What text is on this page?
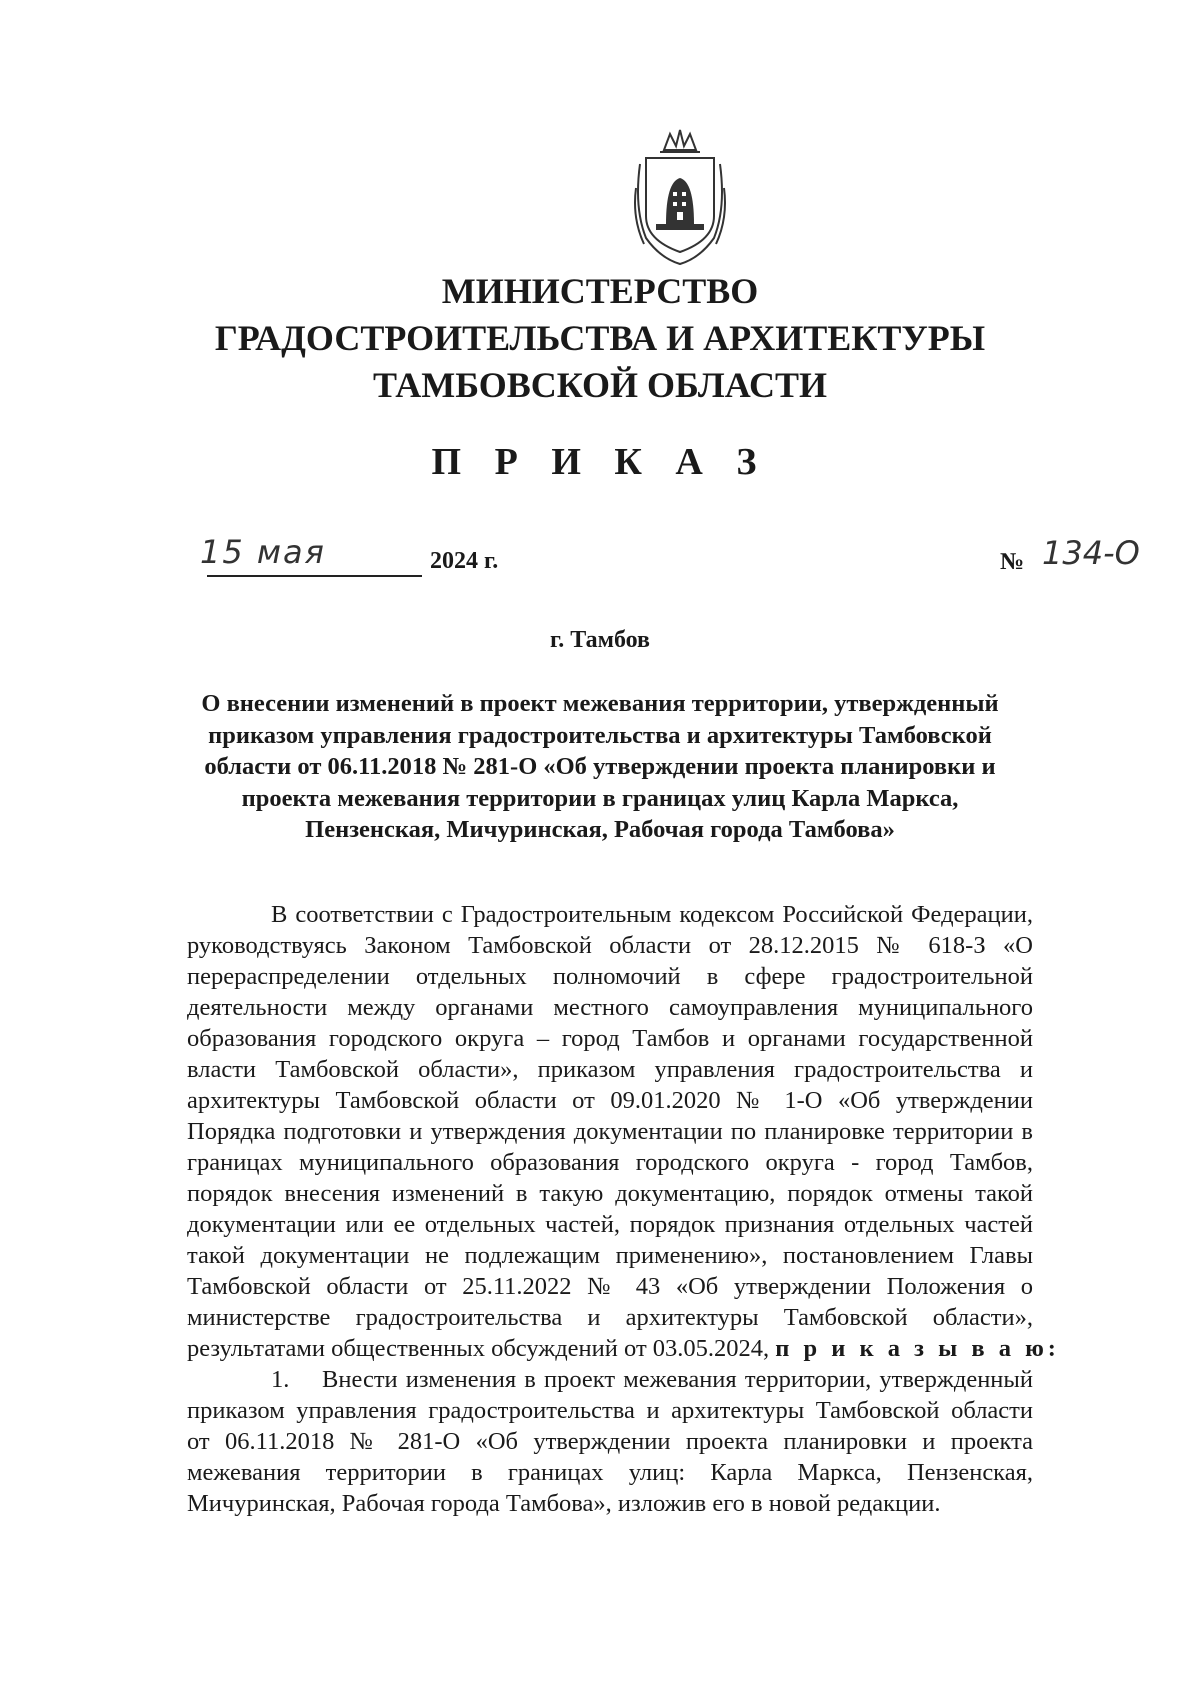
МИНИСТЕРСТВО
ГРАДОСТРОИТЕЛЬСТВА И АРХИТЕКТУРЫ
ТАМБОВСКОЙ ОБЛАСТИ
П Р И К А З
15 мая	2024 г.	№ 134-О
г. Тамбов
О внесении изменений в проект межевания территории, утвержденный
приказом управления градостроительства и архитектуры Тамбовской
области от 06.11.2018 № 281-О «Об утверждении проекта планировки и
проекта межевания территории в границах улиц Карла Маркса,
Пензенская, Мичуринская, Рабочая города Тамбова»
В соответствии с Градостроительным кодексом Российской Федерации,
руководствуясь Законом Тамбовской области от 28.12.2015 № 618-З «О
перераспределении отдельных полномочий в сфере градостроительной
деятельности между органами местного самоуправления муниципального
образования городского округа – город Тамбов и органами государственной
власти Тамбовской области», приказом управления градостроительства и
архитектуры Тамбовской области от 09.01.2020 № 1-О «Об утверждении
Порядка подготовки и утверждения документации по планировке территории в
границах муниципального образования городского округа - город Тамбов,
порядок внесения изменений в такую документацию, порядок отмены такой
документации или ее отдельных частей, порядок признания отдельных частей
такой документации не подлежащим применению», постановлением Главы
Тамбовской области от 25.11.2022 № 43 «Об утверждении Положения о
министерстве градостроительства и архитектуры Тамбовской области»,
результатами общественных обсуждений от 03.05.2024, п р и к а з ы в а ю:
1.    Внести изменения в проект межевания территории, утвержденный
приказом управления градостроительства и архитектуры Тамбовской области
от 06.11.2018 № 281-О «Об утверждении проекта планировки и проекта
межевания территории в границах улиц: Карла Маркса, Пензенская,
Мичуринская, Рабочая города Тамбова», изложив его в новой редакции.
